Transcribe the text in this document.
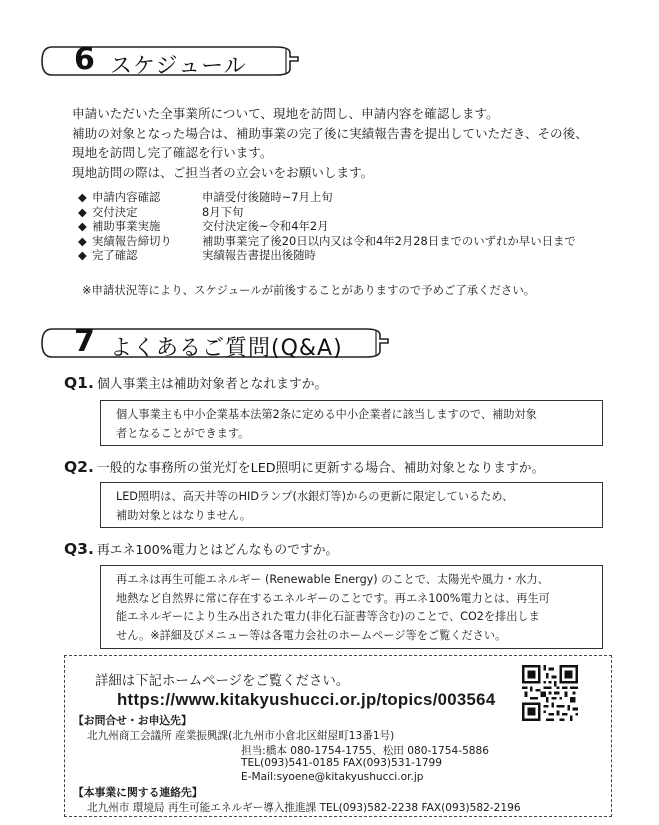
6 スケジュール
申請いただいた全事業所について、現地を訪問し、申請内容を確認します。
補助の対象となった場合は、補助事業の完了後に実績報告書を提出していただき、その後、
現地を訪問し完了確認を行います。
現地訪問の際は、ご担当者の立会いをお願いします。
◆ 申請内容確認	申請受付後随時~7月上旬
◆ 交付決定	8月下旬
◆ 補助事業実施	交付決定後~令和4年2月
◆ 実績報告締切り	補助事業完了後20日以内又は令和4年2月28日までのいずれか早い日まで
◆ 完了確認	実績報告書提出後随時
※申請状況等により、スケジュールが前後することがありますので予めご了承ください。
7 よくあるご質問(Q&A)
Q1. 個人事業主は補助対象者となれますか。
個人事業主も中小企業基本法第2条に定める中小企業者に該当しますので、補助対象
者となることができます。
Q2. 一般的な事務所の蛍光灯をLED照明に更新する場合、補助対象となりますか。
LED照明は、高天井等のHIDランプ(水銀灯等)からの更新に限定しているため、
補助対象とはなりません。
Q3. 再エネ100%電力とはどんなものですか。
再エネは再生可能エネルギー (Renewable Energy) のことで、太陽光や風力・水力、
地熱など自然界に常に存在するエネルギーのことです。再エネ100%電力とは、再生可
能エネルギーにより生み出された電力(非化石証書等含む)のことで、CO2を排出しま
せん。※詳細及びメニュー等は各電力会社のホームページ等をご覧ください。
詳細は下記ホームページをご覧ください。
https://www.kitakyushucci.or.jp/topics/003564
【お問合せ・お申込先】
北九州商工会議所 産業振興課(北九州市小倉北区紺屋町13番1号)
担当:橋本 080-1754-1755、松田 080-1754-5886
TEL(093)541-0185 FAX(093)531-1799
E-Mail:syoene@kitakyushucci.or.jp
【本事業に関する連絡先】
北九州市 環境局 再生可能エネルギー導入推進課 TEL(093)582-2238 FAX(093)582-2196
